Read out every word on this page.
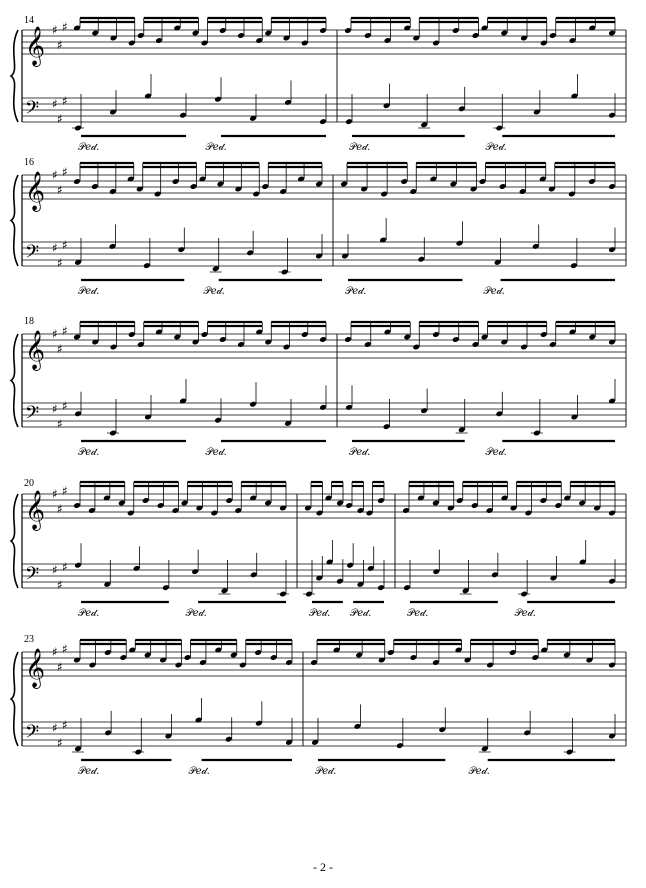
𝄞
𝄢
♯
♯
♯
♯
♯
♯
𝒫𝑒𝒹.	𝒫𝑒𝒹.	𝒫𝑒𝒹.	𝒫𝑒𝒹.
𝄞
𝄢
♯
♯
♯
♯
♯
♯
𝒫𝑒𝒹.	𝒫𝑒𝒹.	𝒫𝑒𝒹.	𝒫𝑒𝒹.
𝄞
𝄢
♯
♯
♯
♯
♯
♯
𝒫𝑒𝒹.	𝒫𝑒𝒹.	𝒫𝑒𝒹.	𝒫𝑒𝒹.
𝄞
𝄢
♯
♯
♯
♯
♯
♯
𝒫𝑒𝒹.	𝒫𝑒𝒹.	𝒫𝑒𝒹. 𝒫𝑒𝒹.	𝒫𝑒𝒹.	𝒫𝑒𝒹.
𝄞
𝄢
♯
♯
♯
♯
♯
♯
𝒫𝑒𝒹.	𝒫𝑒𝒹.	𝒫𝑒𝒹.	𝒫𝑒𝒹.
14
16
18
20
23
- 2 -
